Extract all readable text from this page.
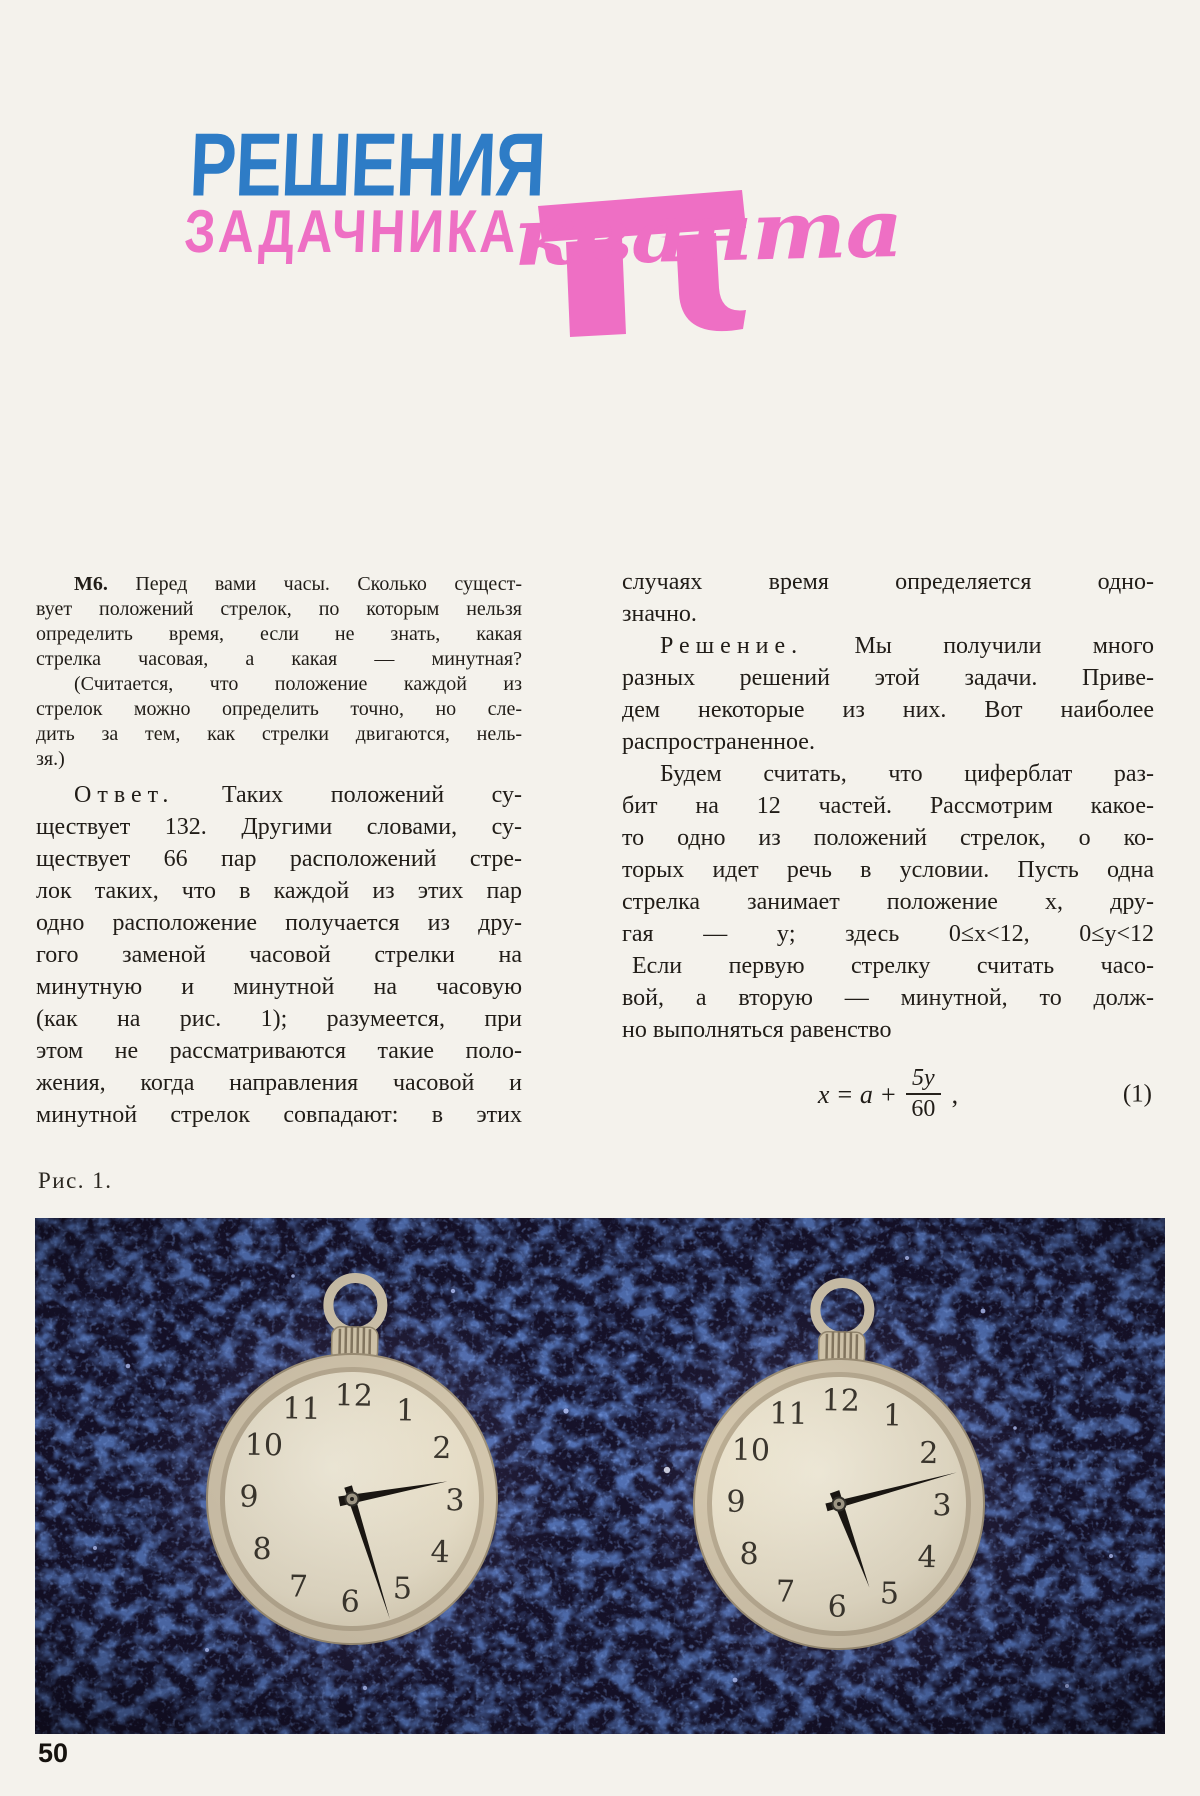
РЕШЕНИЯ
ЗАДАЧНИКА
кванта
М6. Перед вами часы. Сколько сущест-
вует положений стрелок, по которым нельзя
определить время, если не знать, какая
стрелка часовая, а какая — минутная?
(Считается, что положение каждой из
стрелок можно определить точно, но сле-
дить за тем, как стрелки двигаются, нель-
зя.)
Ответ. Таких положений су-
ществует 132. Другими словами, су-
ществует 66 пар расположений стре-
лок таких, что в каждой из этих пар
одно расположение получается из дру-
гого заменой часовой стрелки на
минутную и минутной на часовую
(как на рис. 1); разумеется, при
этом не рассматриваются такие поло-
жения, когда направления часовой и
минутной стрелок совпадают: в этих
случаях время определяется одно-
значно.
Решение. Мы получили много
разных решений этой задачи. Приве-
дем некоторые из них. Вот наиболее
распространенное.
Будем считать, что циферблат раз-
бит на 12 частей. Рассмотрим какое-
то одно из положений стрелок, о ко-
торых идет речь в условии. Пусть одна
стрелка занимает положение x, дру-
гая — y; здесь 0≤x<12, 0≤y<12
Если первую стрелку считать часо-
вой, а вторую — минутной, то долж-
но выполняться равенство
$x = a + \frac{5y}{60}$ ,	(1)
Рис. 1.
50
